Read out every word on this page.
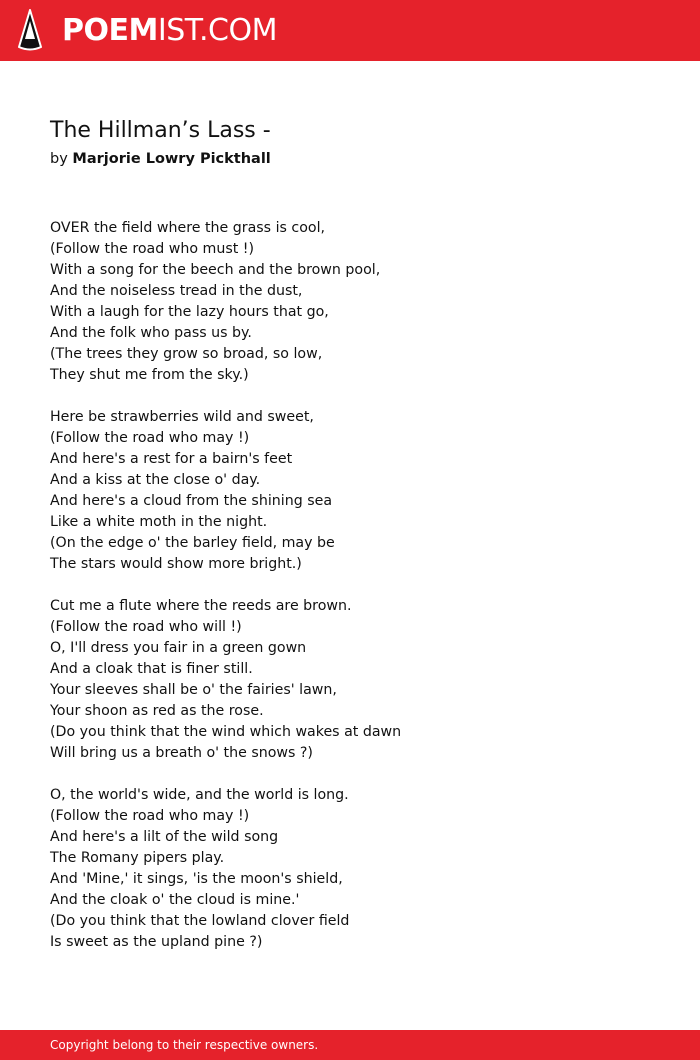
POEMIST.COM
The Hillman’s Lass -
by Marjorie Lowry Pickthall
OVER the field where the grass is cool,
(Follow the road who must !)
With a song for the beech and the brown pool,
And the noiseless tread in the dust,
With a laugh for the lazy hours that go,
And the folk who pass us by.
(The trees they grow so broad, so low,
They shut me from the sky.)
Here be strawberries wild and sweet,
(Follow the road who may !)
And here's a rest for a bairn's feet
And a kiss at the close o' day.
And here's a cloud from the shining sea
Like a white moth in the night.
(On the edge o' the barley field, may be
The stars would show more bright.)
Cut me a flute where the reeds are brown.
(Follow the road who will !)
O, I'll dress you fair in a green gown
And a cloak that is finer still.
Your sleeves shall be o' the fairies' lawn,
Your shoon as red as the rose.
(Do you think that the wind which wakes at dawn
Will bring us a breath o' the snows ?)
O, the world's wide, and the world is long.
(Follow the road who may !)
And here's a lilt of the wild song
The Romany pipers play.
And 'Mine,' it sings, 'is the moon's shield,
And the cloak o' the cloud is mine.'
(Do you think that the lowland clover field
Is sweet as the upland pine ?)
Copyright belong to their respective owners.
